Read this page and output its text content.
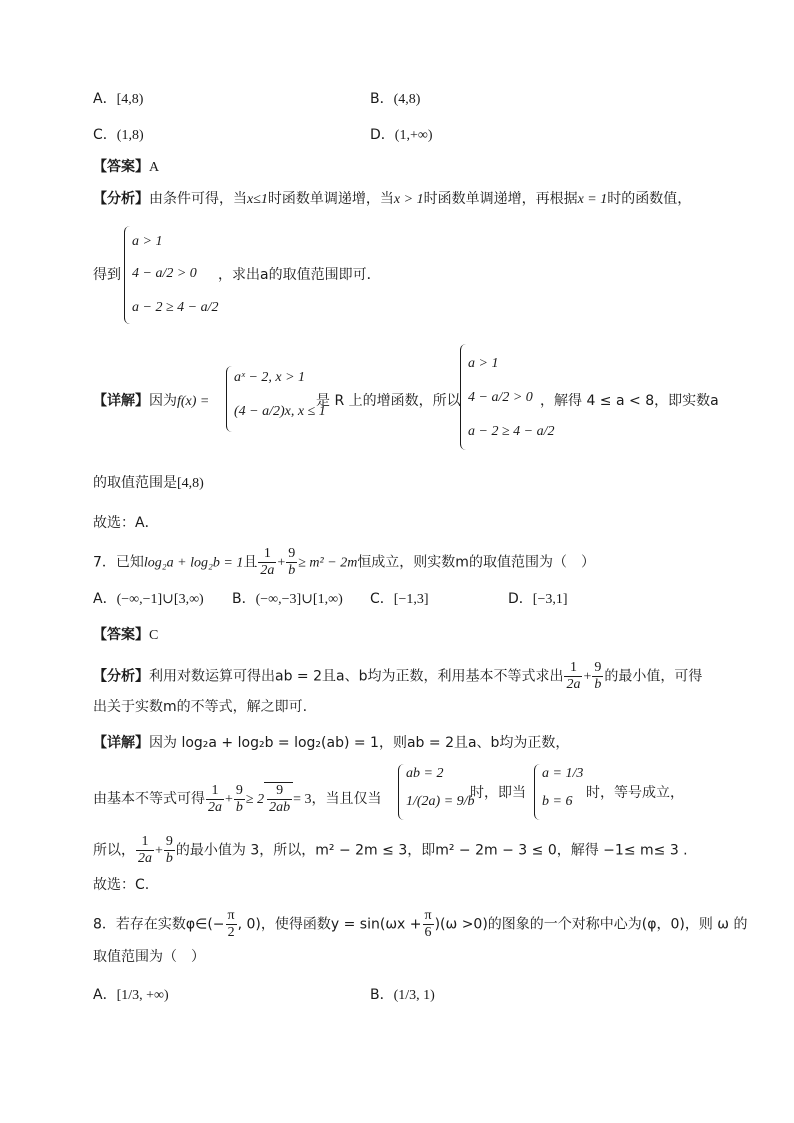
A．[4,8)	B．(4,8)
C．(1,8)	D．(1,+∞)
【答案】A
【分析】由条件可得，当x≤1时函数单调递增，当x > 1时函数单调递增，再根据x = 1时的函数值，
得到
a > 1
4 − a/2 > 0
a − 2 ≥ 4 − a/2
，求出a的取值范围即可．
【详解】因为f(x) =
aˣ − 2, x > 1
(4 − a/2)x, x ≤ 1
是 R 上的增函数，所以
a > 1
4 − a/2 > 0
a − 2 ≥ 4 − a/2
，解得 4 ≤ a < 8，即实数a
的取值范围是[4,8)
故选：A．
7．已知log₂a + log₂b = 1且 $\frac{1}{2a} + \frac{9}{b} \ge m^2 - 2m$恒成立，则实数m的取值范围为（　）
A．(−∞,−1]∪[3,∞) B．(−∞,−3]∪[1,∞) C．[−1,3]	D．[−3,1]
【答案】C
【分析】利用对数运算可得出ab = 2且a、b均为正数，利用基本不等式求出 $\frac{1}{2a} + \frac{9}{b}$ 的最小值，可得
出关于实数m的不等式，解之即可.
【详解】因为 log₂a + log₂b = log₂(ab) = 1，则ab = 2且a、b均为正数，
由基本不等式可得 $\frac{1}{2a} + \frac{9}{b} \ge 2 \frac{9}{2ab} = 3$，当且仅当
ab = 2
1/(2a) = 9/b
时，即当
a = 1/3
b = 6
时，等号成立，
所以， $\frac{1}{2a} + \frac{9}{b}$ 的最小值为 3，所以，m² − 2m ≤ 3，即m² − 2m − 3 ≤ 0，解得 −1≤ m≤ 3 .
故选：C.
8．若存在实数φ∈(− $\frac{\pi}{2}$ , 0)，使得函数$y = \sin(\omega x + \frac{\pi}{6} )(\omega >0)$的图象的一个对称中心为(φ，0)，则 ω 的
取值范围为（　）
A．[1/3, +∞)	B．(1/3, 1)
